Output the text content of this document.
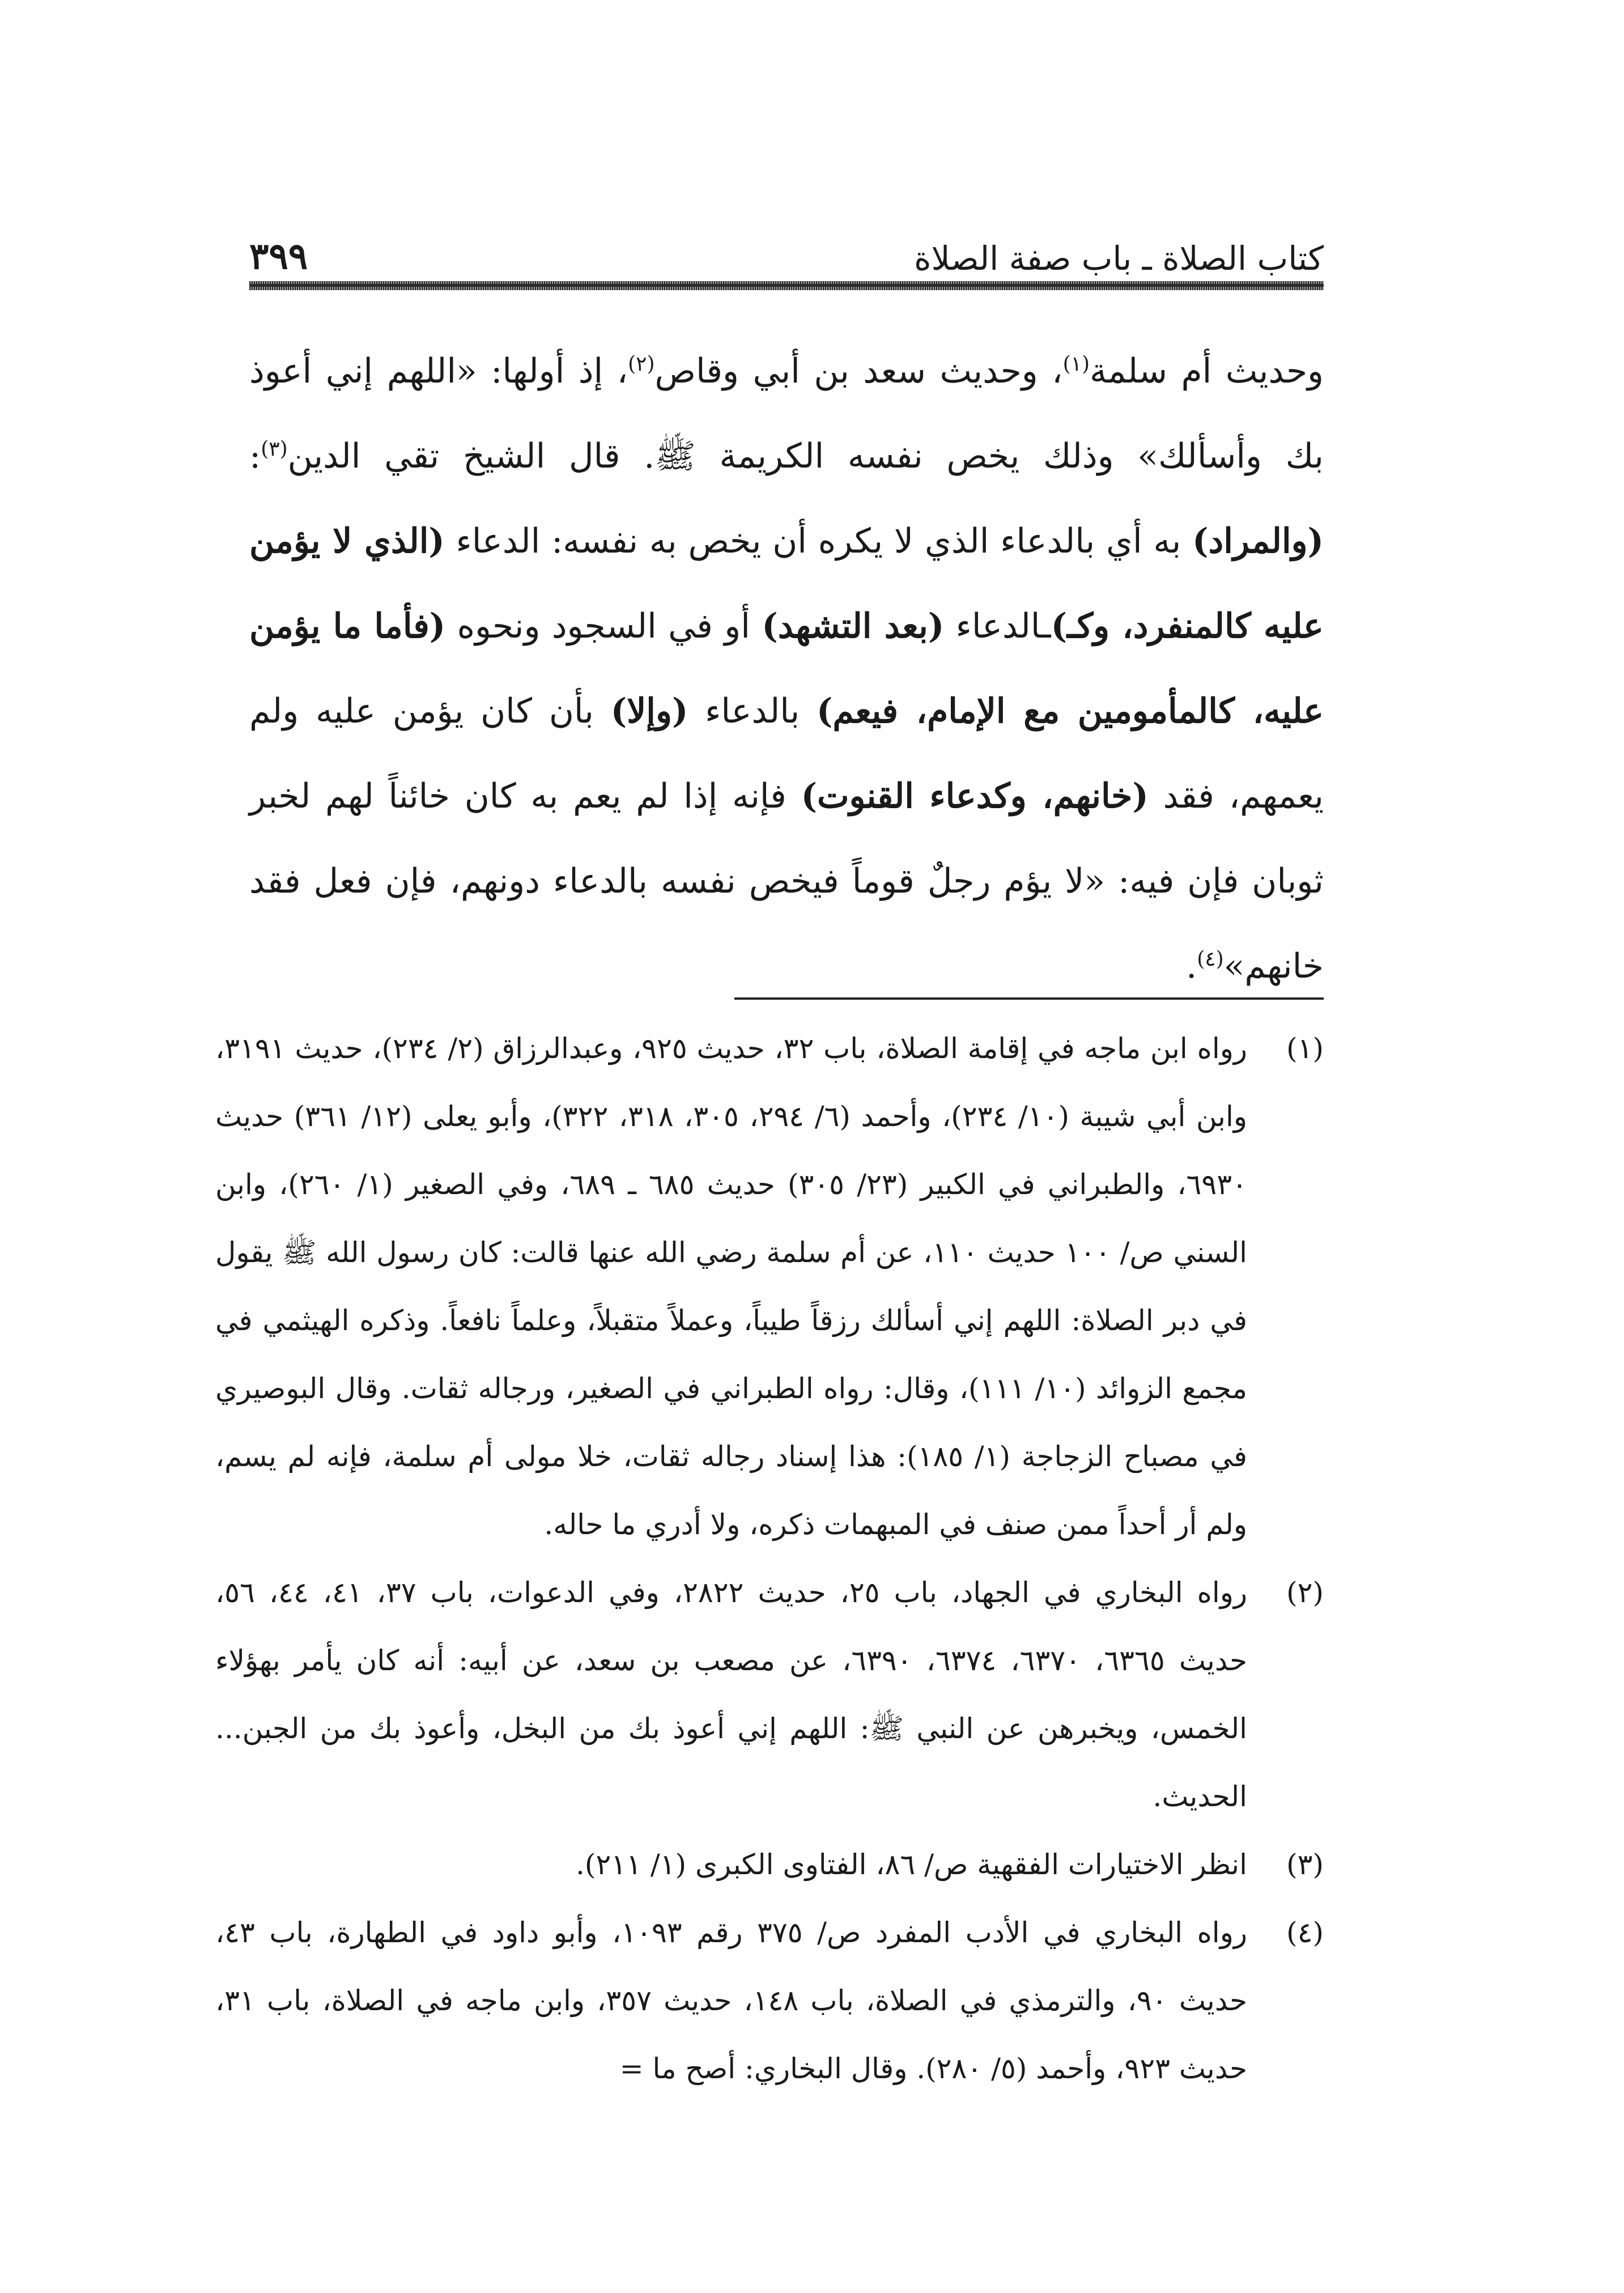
٣٩٩	كتاب الصلاة ـ باب صفة الصلاة

وحديث أم سلمة$^{(١)}$، وحديث سعد بن أبي وقاص$^{(٢)}$، إذ أولها: «اللهم إني أعوذ بك وأسألك» وذلك يخص نفسه الكريمة ﷺ. قال الشيخ تقي الدين$^{(٣)}$: (والمراد) به أي بالدعاء الذي لا يكره أن يخص به نفسه: الدعاء (الذي لا يؤمن عليه كالمنفرد، وكـ)ـالدعاء (بعد التشهد) أو في السجود ونحوه (فأما ما يؤمن عليه، كالمأمومين مع الإمام، فيعم) بالدعاء (وإلا) بأن كان يؤمن عليه ولم يعمهم، فقد (خانهم، وكدعاء القنوت) فإنه إذا لم يعم به كان خائناً لهم لخبر ثوبان فإن فيه: «لا يؤم رجلٌ قوماً فيخص نفسه بالدعاء دونهم، فإن فعل فقد خانهم»$^{(٤)}$.

(١)
رواه ابن ماجه في إقامة الصلاة، باب ٣٢، حديث ٩٢٥، وعبدالرزاق (٢/ ٢٣٤)، حديث ٣١٩١، وابن أبي شيبة (١٠/ ٢٣٤)، وأحمد (٦/ ٢٩٤، ٣٠٥، ٣١٨، ٣٢٢)، وأبو يعلى (١٢/ ٣٦١) حديث ٦٩٣٠، والطبراني في الكبير (٢٣/ ٣٠٥) حديث ٦٨٥ ـ ٦٨٩، وفي الصغير (١/ ٢٦٠)، وابن السني ص/ ١٠٠ حديث ١١٠، عن أم سلمة رضي الله عنها قالت: كان رسول الله ﷺ يقول في دبر الصلاة: اللهم إني أسألك رزقاً طيباً، وعملاً متقبلاً، وعلماً نافعاً. وذكره الهيثمي في مجمع الزوائد (١٠/ ١١١)، وقال: رواه الطبراني في الصغير، ورجاله ثقات. وقال البوصيري في مصباح الزجاجة (١/ ١٨٥): هذا إسناد رجاله ثقات، خلا مولى أم سلمة، فإنه لم يسم، ولم أر أحداً ممن صنف في المبهمات ذكره، ولا أدري ما حاله.
(٢)
رواه البخاري في الجهاد، باب ٢٥، حديث ٢٨٢٢، وفي الدعوات، باب ٣٧، ٤١، ٤٤، ٥٦، حديث ٦٣٦٥، ٦٣٧٠، ٦٣٧٤، ٦٣٩٠، عن مصعب بن سعد، عن أبيه: أنه كان يأمر بهؤلاء الخمس، ويخبرهن عن النبي ﷺ: اللهم إني أعوذ بك من البخل، وأعوذ بك من الجبن... الحديث.
(٣)
انظر الاختيارات الفقهية ص/ ٨٦، الفتاوى الكبرى (١/ ٢١١).
(٤)
رواه البخاري في الأدب المفرد ص/ ٣٧٥ رقم ١٠٩٣، وأبو داود في الطهارة، باب ٤٣، حديث ٩٠، والترمذي في الصلاة، باب ١٤٨، حديث ٣٥٧، وابن ماجه في الصلاة، باب ٣١، حديث ٩٢٣، وأحمد (٥/ ٢٨٠). وقال البخاري: أصح ما =
